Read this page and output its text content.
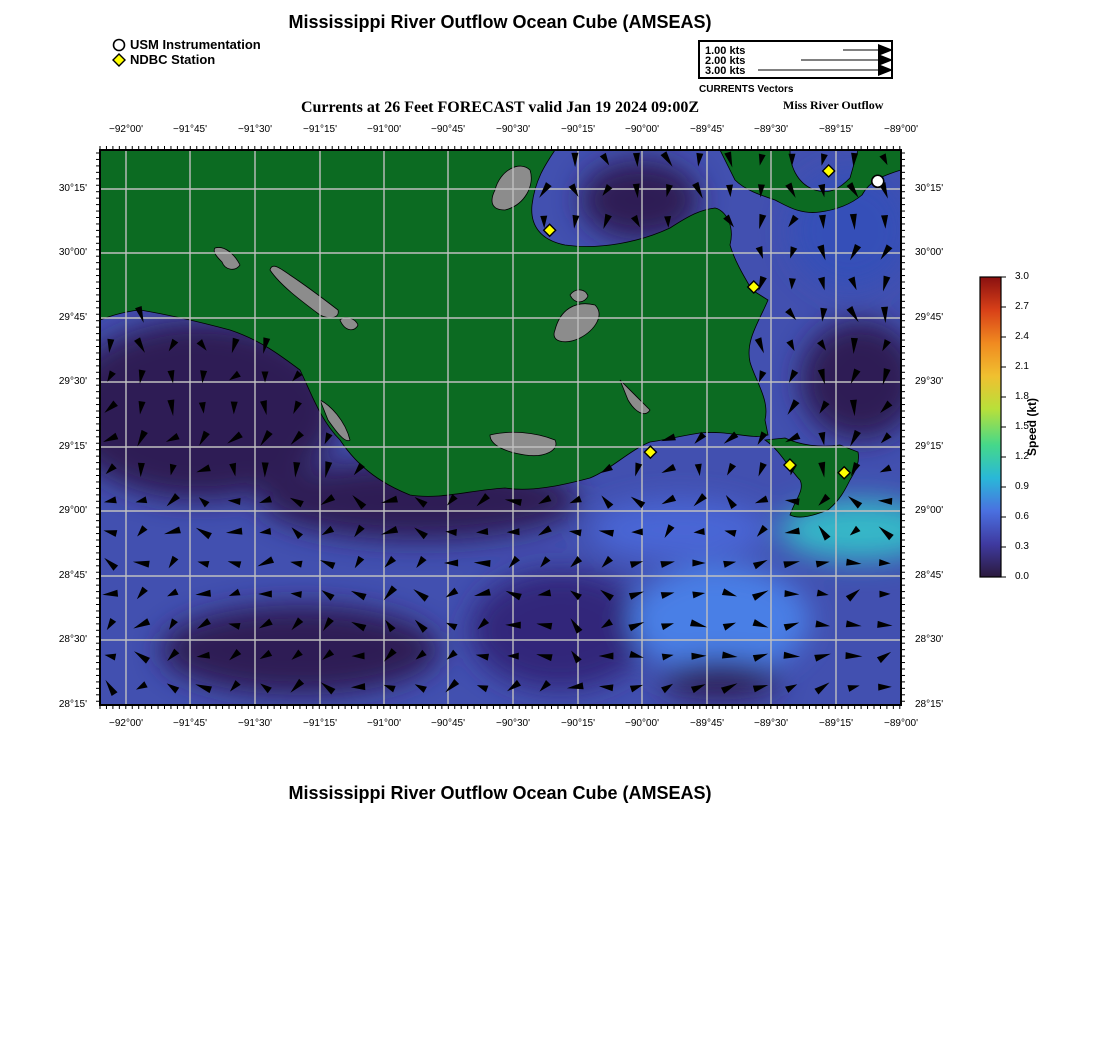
Mississippi River Outflow Ocean Cube (AMSEAS)
USM Instrumentation
NDBC Station
1.00 kts
2.00 kts
3.00 kts
CURRENTS Vectors
Currents at 26 Feet FORECAST valid Jan 19 2024 09:00Z	Miss River Outflow
−92°00'	−91°45'	−91°30'	−91°15'	−91°00'	−90°45'	−90°30'	−90°15'	−90°00'	−89°45'	−89°30'	−89°15'	−89°00'
−92°00'	−91°45'	−91°30'	−91°15'	−91°00'	−90°45'	−90°30'	−90°15'	−90°00'	−89°45'	−89°30'	−89°15'	−89°00'
30°15'
30°00'
29°45'
29°30'
29°15'
29°00'
28°45'
28°30'
28°15'
30°15'
30°00'
29°45'
29°30'
29°15'
29°00'
28°45'
28°30'
28°15'
3.0
2.7
2.4
2.1
1.8
1.5
1.2
0.9
0.6
0.3
0.0
Speed (kt)
Mississippi River Outflow Ocean Cube (AMSEAS)
